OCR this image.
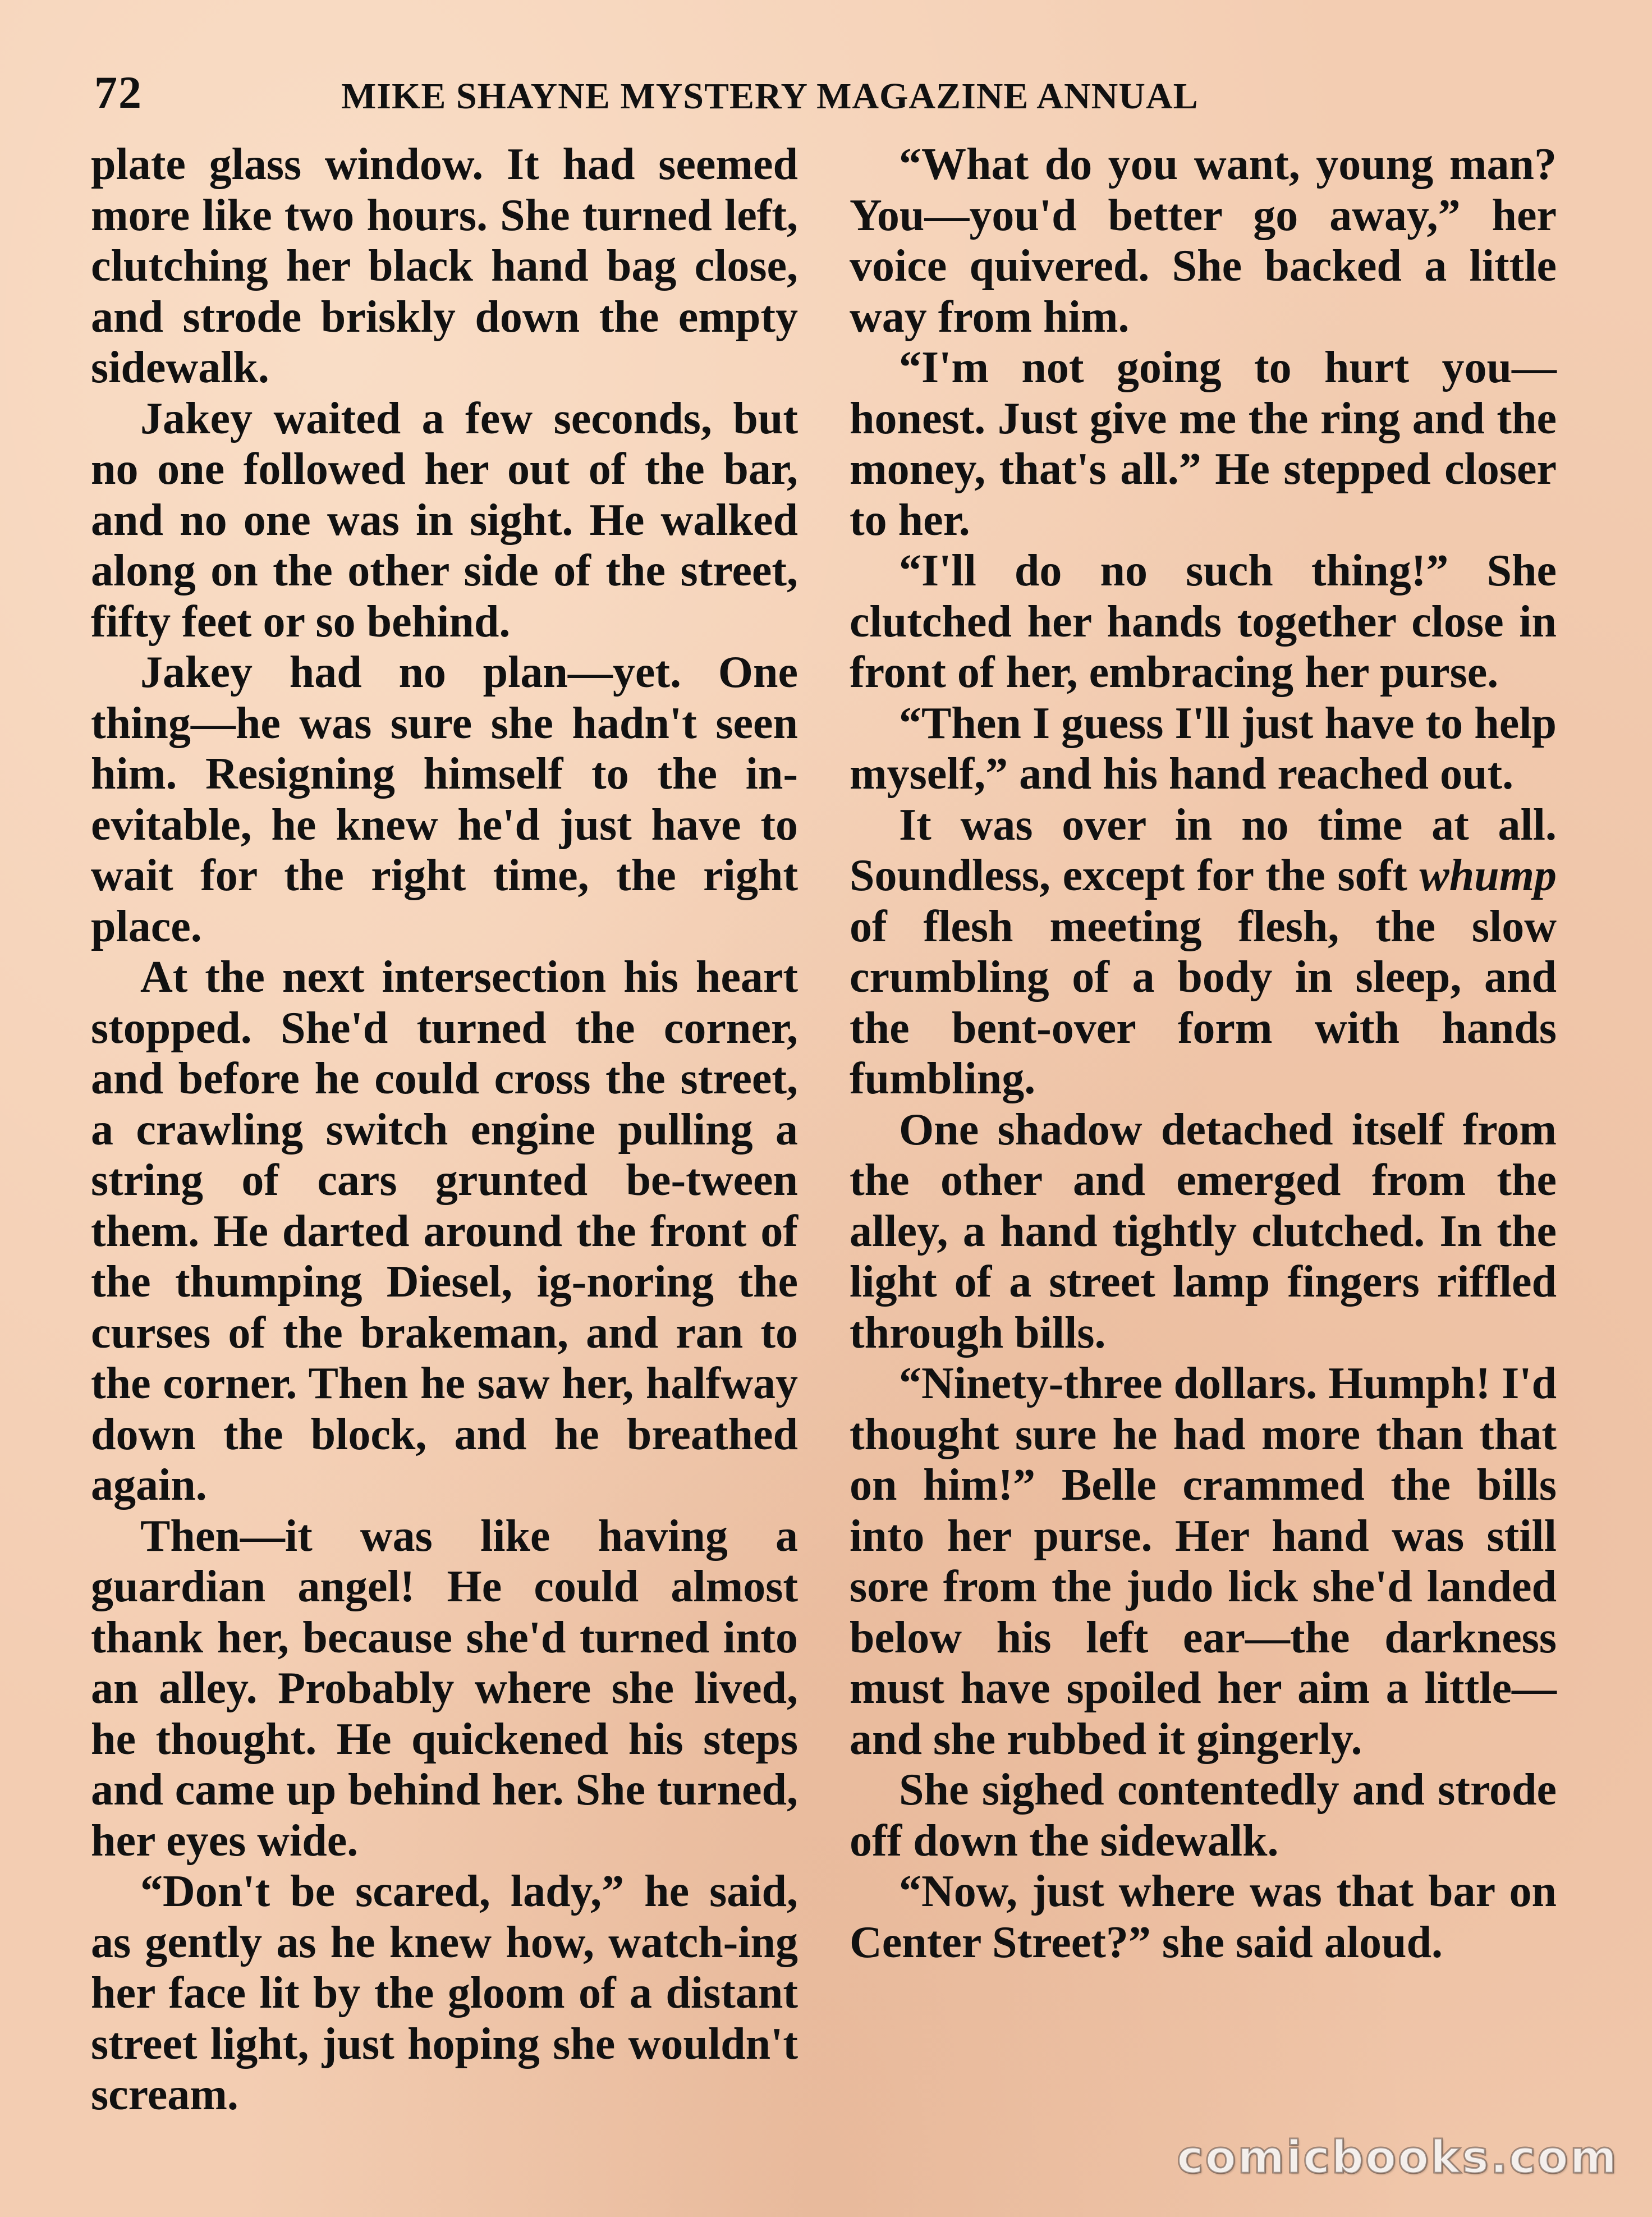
72	MIKE SHAYNE MYSTERY MAGAZINE ANNUAL

plate glass window. It had seemed more like two hours. She turned left, clutching her black hand bag close, and strode briskly down the empty sidewalk.

Jakey waited a few seconds, but no one followed her out of the bar, and no one was in sight. He walked along on the other side of the street, fifty feet or so behind.

Jakey had no plan—yet. One thing—he was sure she hadn't seen him. Resigning himself to the in-evitable, he knew he'd just have to wait for the right time, the right place.

At the next intersection his heart stopped. She'd turned the corner, and before he could cross the street, a crawling switch engine pulling a string of cars grunted be-tween them. He darted around the front of the thumping Diesel, ig-noring the curses of the brakeman, and ran to the corner. Then he saw her, halfway down the block, and he breathed again.

Then—it was like having a guardian angel! He could almost thank her, because she'd turned into an alley. Probably where she lived, he thought. He quickened his steps and came up behind her. She turned, her eyes wide.

“Don't be scared, lady,” he said, as gently as he knew how, watch-ing her face lit by the gloom of a distant street light, just hoping she wouldn't scream.

“What do you want, young man? You—you'd better go away,” her voice quivered. She backed a little way from him.

“I'm not going to hurt you—honest. Just give me the ring and the money, that's all.” He stepped closer to her.

“I'll do no such thing!” She clutched her hands together close in front of her, embracing her purse.

“Then I guess I'll just have to help myself,” and his hand reached out.

It was over in no time at all. Soundless, except for the soft whump of flesh meeting flesh, the slow crumbling of a body in sleep, and the bent-over form with hands fumbling.

One shadow detached itself from the other and emerged from the alley, a hand tightly clutched. In the light of a street lamp fingers riffled through bills.

“Ninety-three dollars. Humph! I'd thought sure he had more than that on him!” Belle crammed the bills into her purse. Her hand was still sore from the judo lick she'd landed below his left ear—the darkness must have spoiled her aim a little—and she rubbed it gingerly.

She sighed contentedly and strode off down the sidewalk.

“Now, just where was that bar on Center Street?” she said aloud.

comicbooks.com
